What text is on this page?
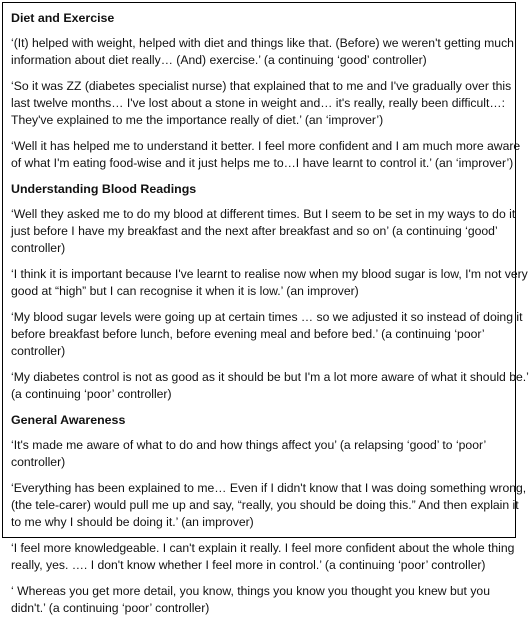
Diet and Exercise
‘(It) helped with weight, helped with diet and things like that. (Before) we weren't getting much
information about diet really… (And) exercise.’ (a continuing ‘good’ controller)
‘So it was ZZ (diabetes specialist nurse) that explained that to me and I've gradually over this
last twelve months… I've lost about a stone in weight and… it's really, really been difficult…:
They've explained to me the importance really of diet.’ (an ‘improver’)
‘Well it has helped me to understand it better. I feel more confident and I am much more aware
of what I'm eating food-wise and it just helps me to…I have learnt to control it.’ (an ‘improver’)
Understanding Blood Readings
‘Well they asked me to do my blood at different times. But I seem to be set in my ways to do it
just before I have my breakfast and the next after breakfast and so on’ (a continuing ‘good’
controller)
‘I think it is important because I've learnt to realise now when my blood sugar is low, I'm not very
good at “high” but I can recognise it when it is low.’ (an improver)
‘My blood sugar levels were going up at certain times … so we adjusted it so instead of doing it
before breakfast before lunch, before evening meal and before bed.’ (a continuing ‘poor’
controller)
‘My diabetes control is not as good as it should be but I'm a lot more aware of what it should be.’
(a continuing ‘poor’ controller)
General Awareness
‘It's made me aware of what to do and how things affect you’ (a relapsing ‘good’ to ‘poor’
controller)
‘Everything has been explained to me… Even if I didn't know that I was doing something wrong,
(the tele-carer) would pull me up and say, “really, you should be doing this.” And then explain it
to me why I should be doing it.’ (an improver)
‘I feel more knowledgeable. I can't explain it really. I feel more confident about the whole thing
really, yes. …. I don't know whether I feel more in control.’ (a continuing ‘poor’ controller)
‘ Whereas you get more detail, you know, things you know you thought you knew but you
didn't.’ (a continuing ‘poor’ controller)
